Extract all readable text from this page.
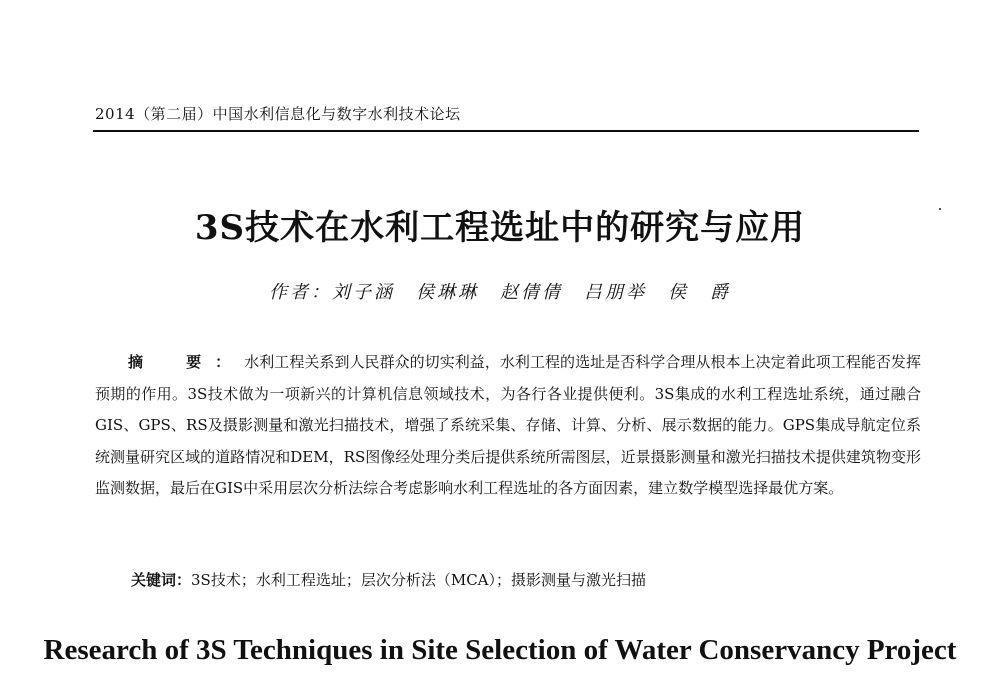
2014（第二届）中国水利信息化与数字水利技术论坛
3S技术在水利工程选址中的研究与应用
作者：刘子涵　侯琳琳　赵倩倩　吕朋举　侯　爵
摘　要：水利工程关系到人民群众的切实利益，水利工程的选址是否科学合理从根本上决定着此项工程能否发挥预期的作用。3S技术做为一项新兴的计算机信息领域技术，为各行各业提供便利。3S集成的水利工程选址系统，通过融合GIS、GPS、RS及摄影测量和激光扫描技术，增强了系统采集、存储、计算、分析、展示数据的能力。GPS集成导航定位系统测量研究区域的道路情况和DEM，RS图像经处理分类后提供系统所需图层，近景摄影测量和激光扫描技术提供建筑物变形监测数据，最后在GIS中采用层次分析法综合考虑影响水利工程选址的各方面因素，建立数学模型选择最优方案。
关键词：3S技术；水利工程选址；层次分析法（MCA）；摄影测量与激光扫描
Research of 3S Techniques in Site Selection of Water Conservancy Project
